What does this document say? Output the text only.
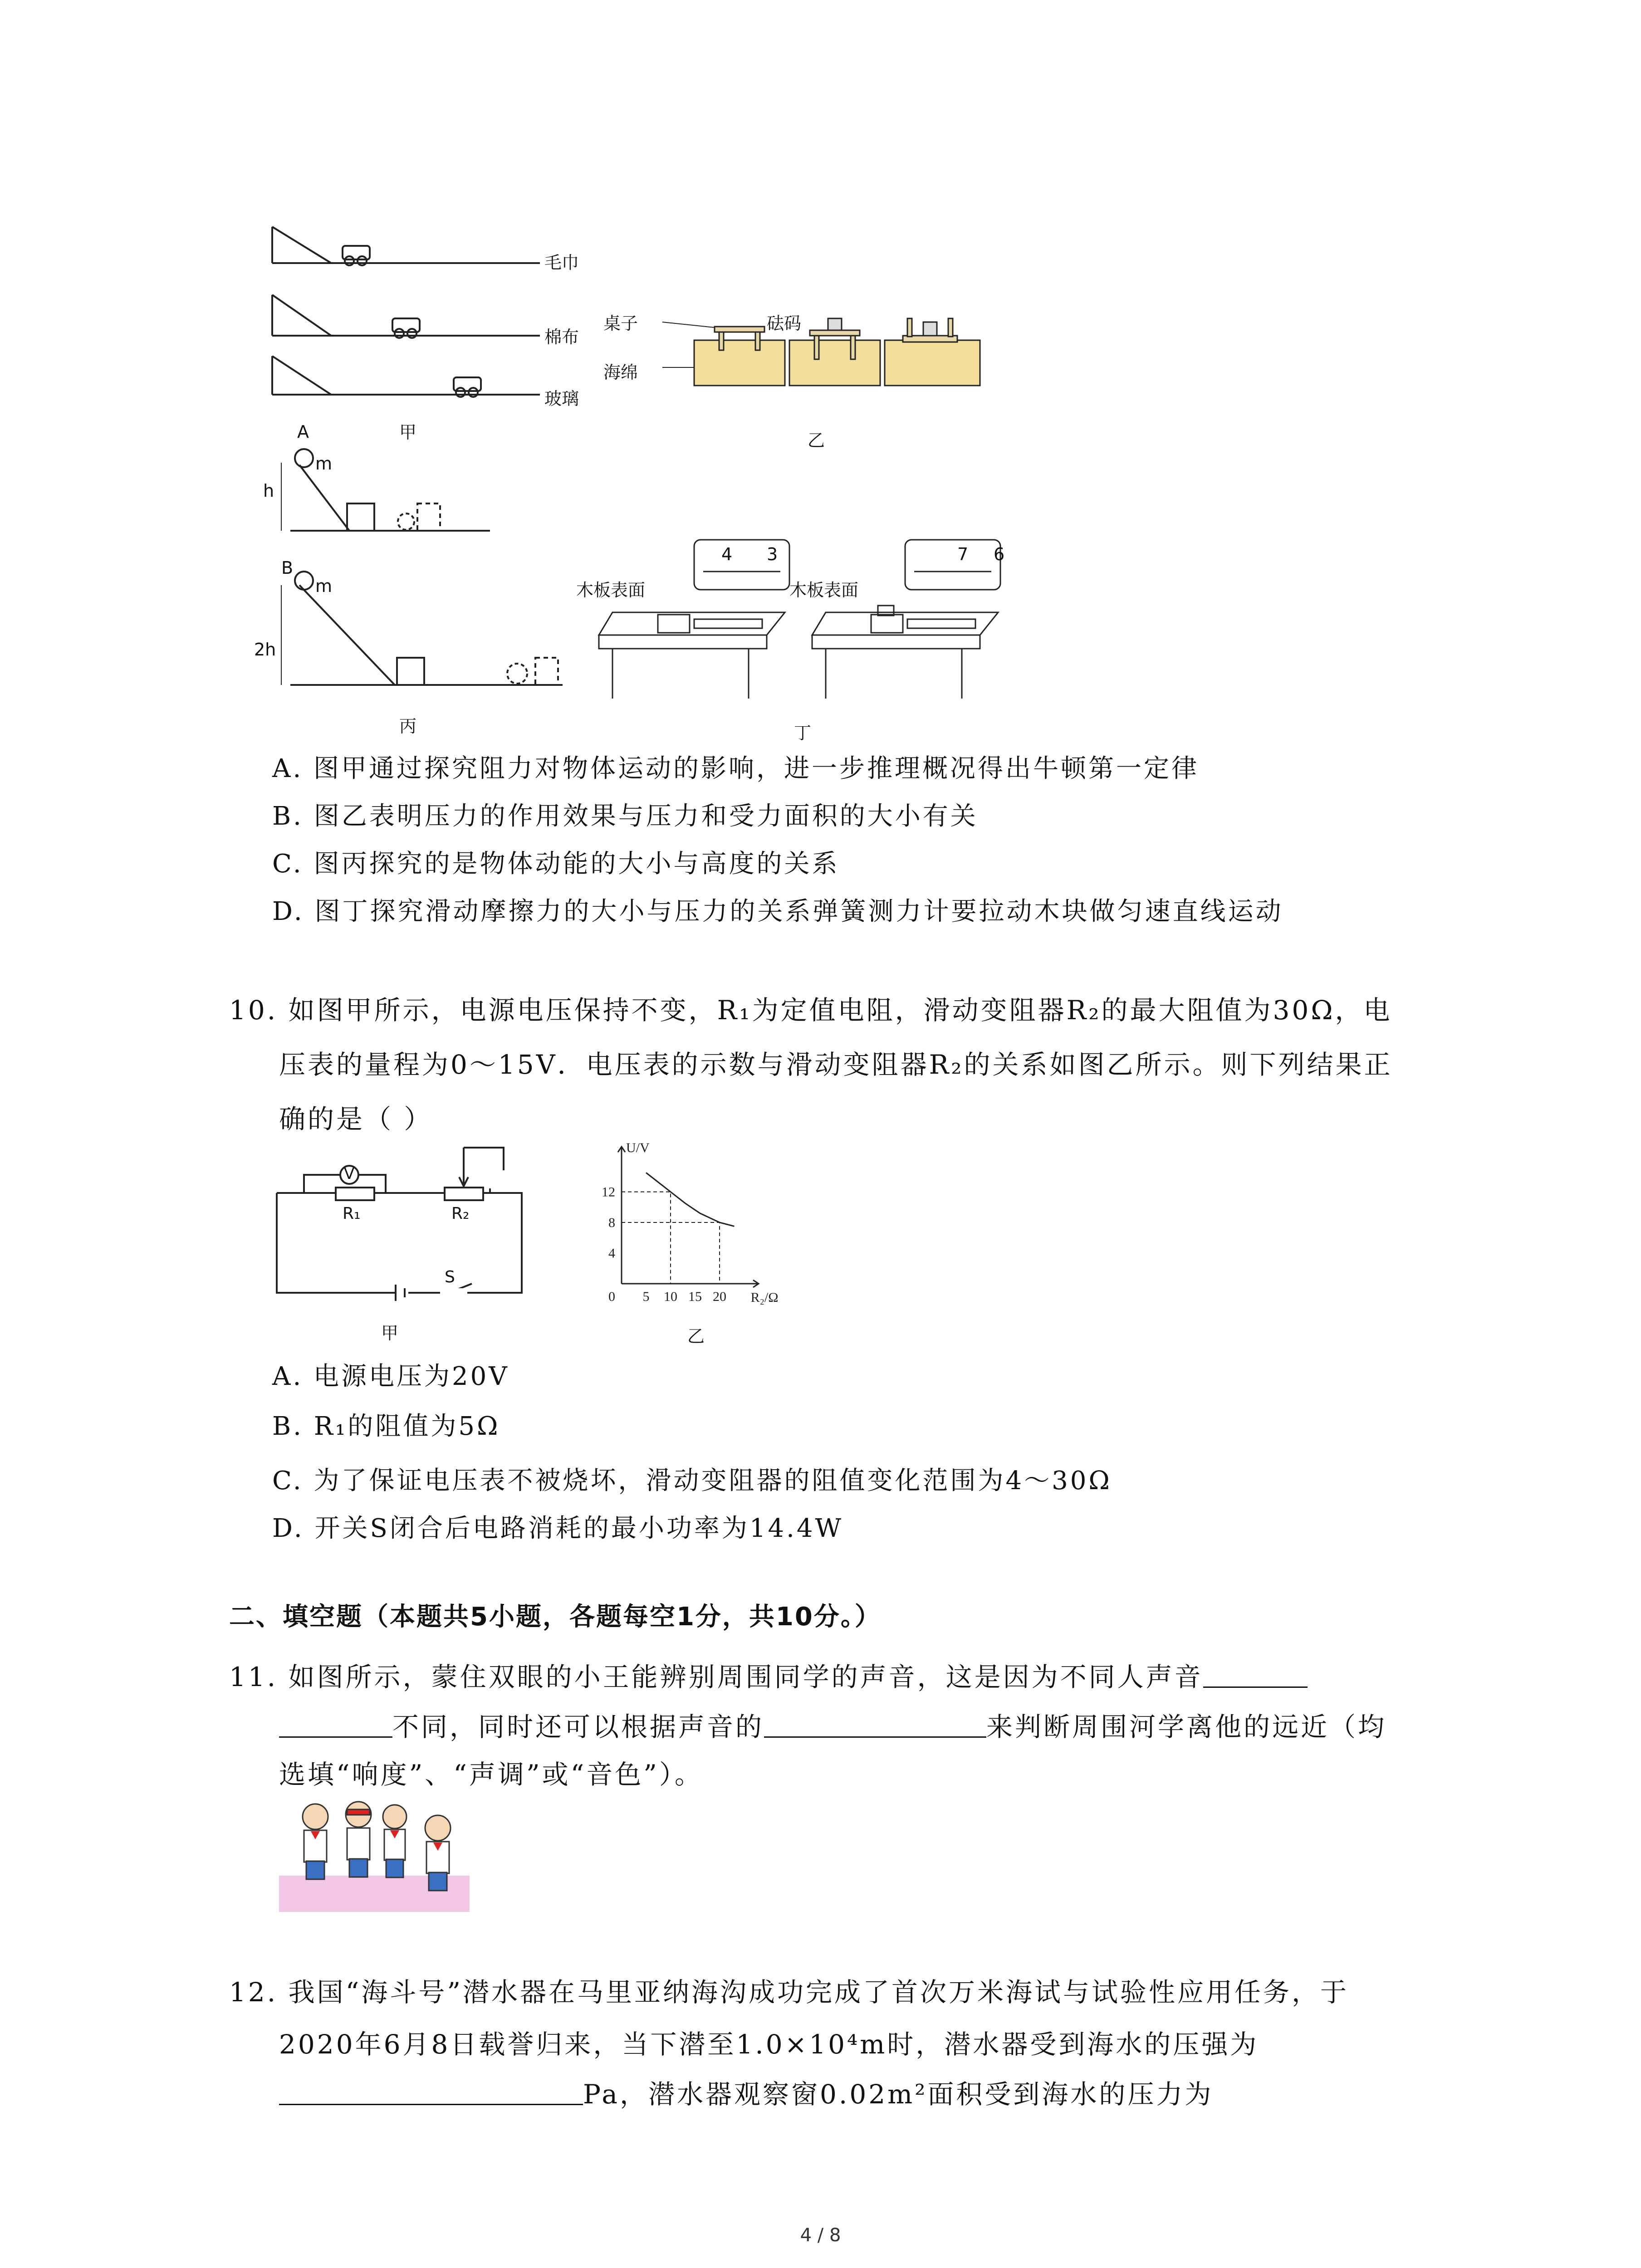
毛巾
棉布
玻璃
甲
桌子	砝码
海绵
乙
A
m
h
B
m
2h
丙
木板表面	木板表面
4 3	7 6
丁
A. 图甲通过探究阻力对物体运动的影响，进一步推理概况得出牛顿第一定律
B. 图乙表明压力的作用效果与压力和受力面积的大小有关
C. 图丙探究的是物体动能的大小与高度的关系
D. 图丁探究滑动摩擦力的大小与压力的关系弹簧测力计要拉动木块做匀速直线运动
10. 如图甲所示，电源电压保持不变，R₁为定值电阻，滑动变阻器R₂的最大阻值为30Ω，电
压表的量程为0～15V．电压表的示数与滑动变阻器R₂的关系如图乙所示。则下列结果正
确的是（ ）
V
R₁	R₂
S
甲
5 10 15 20
4
8
12
0
U/V
R₂/Ω
乙
A. 电源电压为20V
B. R₁的阻值为5Ω
C. 为了保证电压表不被烧坏，滑动变阻器的阻值变化范围为4～30Ω
D. 开关S闭合后电路消耗的最小功率为14.4W
二、填空题（本题共5小题，各题每空1分，共10分。）
11. 如图所示，蒙住双眼的小王能辨别周围同学的声音，这是因为不同人声音
不同，同时还可以根据声音的	来判断周围河学离他的远近（均
选填“响度”、“声调”或“音色”）。
12. 我国“海斗号”潜水器在马里亚纳海沟成功完成了首次万米海试与试验性应用任务，于
2020年6月8日载誉归来，当下潜至1.0×10⁴m时，潜水器受到海水的压强为
Pa，潜水器观察窗0.02m²面积受到海水的压力为
4 / 8
